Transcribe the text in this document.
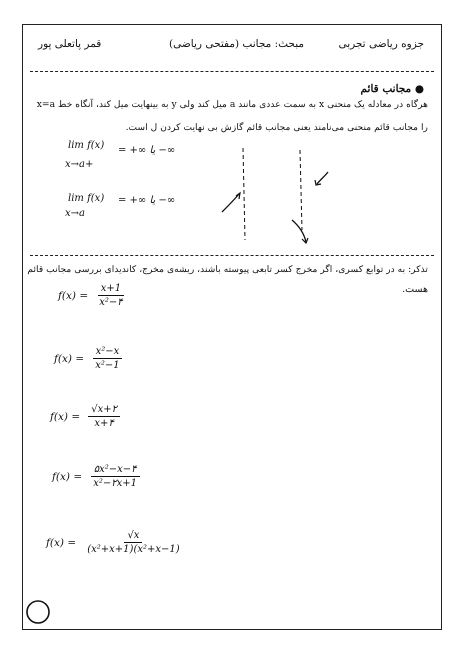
جزوه ریاضی تجربی
مبحث: مجانب (مفتحی ریاضی)
قمر پاتعلی پور
● مجانب قائم
هرگاه در معادله یک منحنی x به سمت عددی مانند a میل کند ولی y به بینهایت میل کند، آنگاه خط x=a
را مجانب قائم منحنی می‌نامند یعنی مجانب قائم گازش بی نهایت کردن ل است.
lim f(x) = +∞ یا −∞
x→a+
lim f(x) = +∞ یا −∞
x→a
تذکر: به در توابع کسری، اگر مخرج کسر تابعی پیوسته باشند، ریشه‌ی مخرج، کاندیدای بررسی مجانب قائم
هست.
$f(x) = \frac{x+1}{\text{x²−۴}}$
$f(x) = \frac{\text{x²−x}}{\text{x²−1}}$
$f(x) = \frac{√x+۲}{x+۴}$
$f(x) = \frac{\text{۵x²−x−۴}}{\text{x²−۲x+1}}$
$f(x) = \frac{√x}{\text{(x²+x+1)(x²+x−1)}}$
